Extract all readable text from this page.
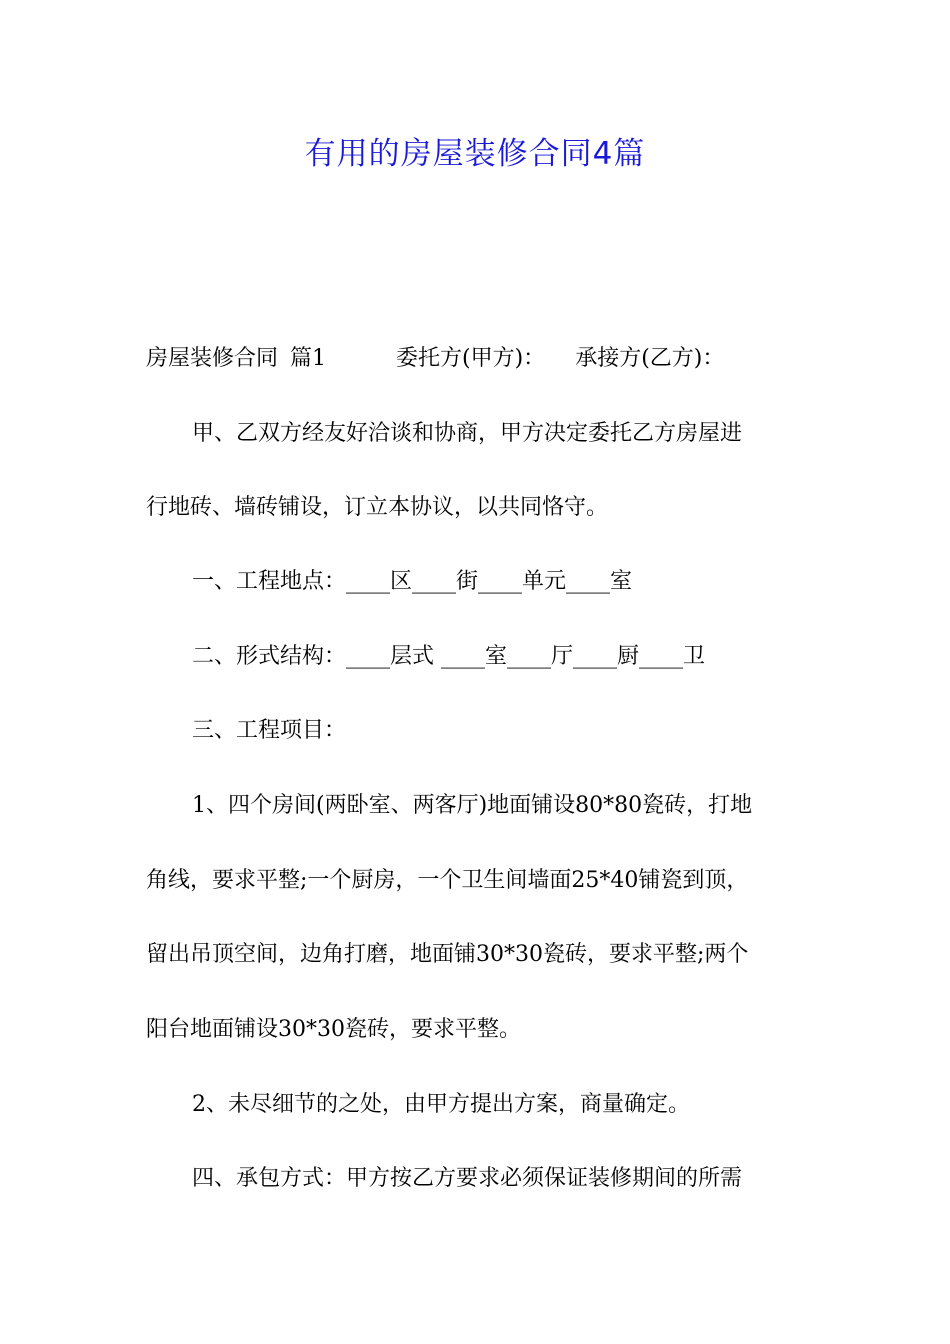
有用的房屋装修合同4篇

房屋装修合同 篇1	委托方(甲方)： 承接方(乙方)：

甲、乙双方经友好洽谈和协商，甲方决定委托乙方房屋进

行地砖、墙砖铺设，订立本协议，以共同恪守。

一、工程地点：____区____街____单元____室

二、形式结构：____层式 ____室____厅____厨____卫

三、工程项目：

1、四个房间(两卧室、两客厅)地面铺设80*80瓷砖，打地

角线，要求平整;一个厨房，一个卫生间墙面25*40铺瓷到顶，

留出吊顶空间，边角打磨，地面铺30*30瓷砖，要求平整;两个

阳台地面铺设30*30瓷砖，要求平整。

2、未尽细节的之处，由甲方提出方案，商量确定。

四、承包方式：甲方按乙方要求必须保证装修期间的所需
